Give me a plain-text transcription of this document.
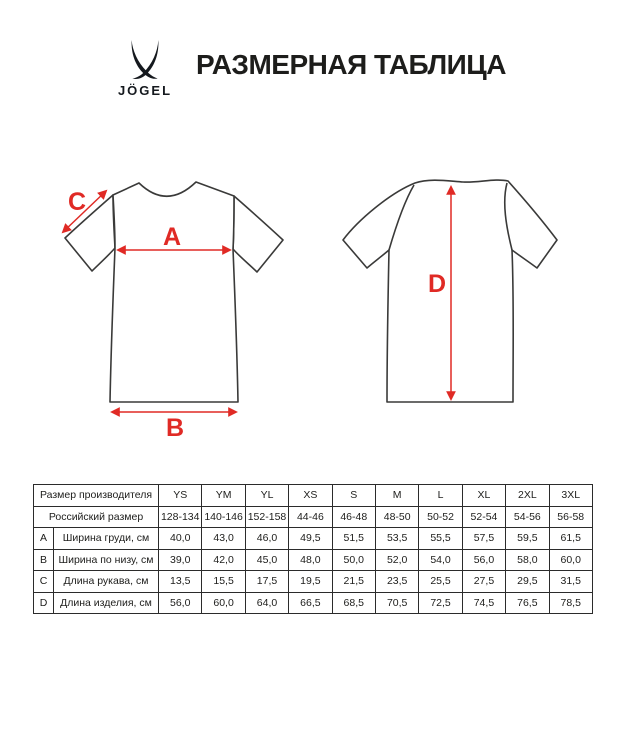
JÖGEL
РАЗМЕРНАЯ ТАБЛИЦА
A
B
C
D
Размер производителя		YS	YM	YL	XS	S	M	L	XL	2XL	3XL
Российский размер		128-134	140-146	152-158	44-46	46-48	48-50	50-52	52-54	54-56	56-58
A	Ширина груди, см	40,0	43,0	46,0	49,5	51,5	53,5	55,5	57,5	59,5	61,5
B	Ширина по низу, см	39,0	42,0	45,0	48,0	50,0	52,0	54,0	56,0	58,0	60,0
C	Длина рукава, см	13,5	15,5	17,5	19,5	21,5	23,5	25,5	27,5	29,5	31,5
D	Длина изделия, см	56,0	60,0	64,0	66,5	68,5	70,5	72,5	74,5	76,5	78,5
